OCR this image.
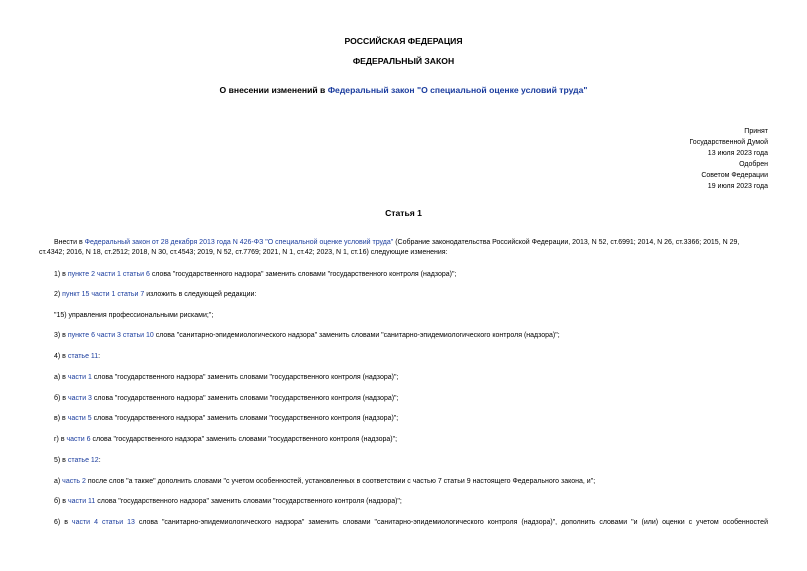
РОССИЙСКАЯ ФЕДЕРАЦИЯ
ФЕДЕРАЛЬНЫЙ ЗАКОН
О внесении изменений в Федеральный закон "О специальной оценке условий труда"
Принят
Государственной Думой
13 июля 2023 года
Одобрен
Советом Федерации
19 июля 2023 года
Статья 1
Внести в Федеральный закон от 28 декабря 2013 года N 426-ФЗ "О специальной оценке условий труда" (Собрание законодательства Российской Федерации, 2013, N 52, ст.6991; 2014, N 26, ст.3366; 2015, N 29,
ст.4342; 2016, N 18, ст.2512; 2018, N 30, ст.4543; 2019, N 52, ст.7769; 2021, N 1, ст.42; 2023, N 1, ст.16) следующие изменения:
1) в пункте 2 части 1 статьи 6 слова "государственного надзора" заменить словами "государственного контроля (надзора)";
2) пункт 15 части 1 статьи 7 изложить в следующей редакции:
"15) управления профессиональными рисками;";
3) в пункте 6 части 3 статьи 10 слова "санитарно-эпидемиологического надзора" заменить словами "санитарно-эпидемиологического контроля (надзора)";
4) в статье 11:
а) в части 1 слова "государственного надзора" заменить словами "государственного контроля (надзора)";
б) в части 3 слова "государственного надзора" заменить словами "государственного контроля (надзора)";
в) в части 5 слова "государственного надзора" заменить словами "государственного контроля (надзора)";
г) в части 6 слова "государственного надзора" заменить словами "государственного контроля (надзора)";
5) в статье 12:
а) часть 2 после слов "а также" дополнить словами "с учетом особенностей, установленных в соответствии с частью 7 статьи 9 настоящего Федерального закона, и";
б) в части 11 слова "государственного надзора" заменить словами "государственного контроля (надзора)";
6) в части 4 статьи 13 слова "санитарно-эпидемиологического надзора" заменить словами "санитарно-эпидемиологического контроля (надзора)", дополнить словами "и (или) оценки с учетом особенностей
